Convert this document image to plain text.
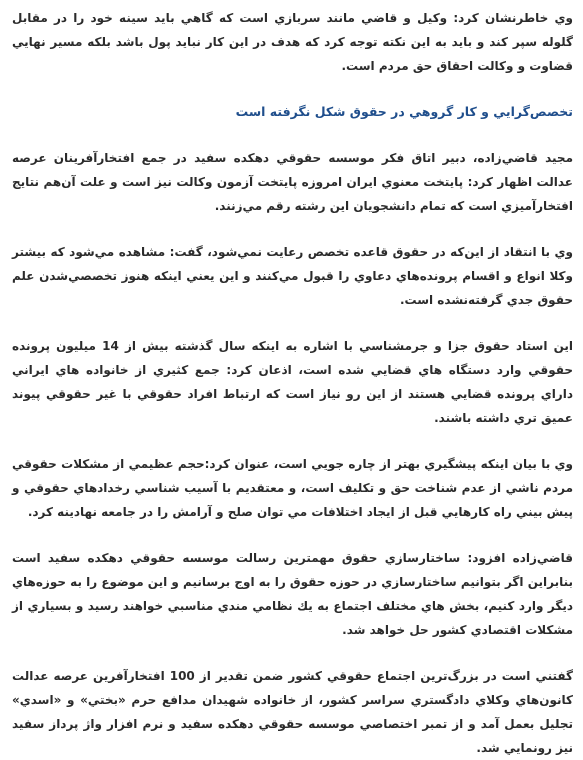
وي خاطرنشان كرد: وكيل و قاضي مانند سربازي است كه گاهي بايد سينه خود را در مقابل گلوله سپر كند و بايد به اين نكته توجه كرد كه هدف در اين كار نبايد پول باشد بلكه مسير نهايي قضاوت و وكالت احقاق حق مردم است.

تخصص‌گرايي و كار گروهي در حقوق شكل نگرفته است

مجيد قاضي‌زاده، دبير اتاق فكر موسسه حقوقي دهكده سفيد در جمع افتخارآفرينان عرصه عدالت اظهار كرد: پايتخت معنوي ايران امروزه پايتخت آزمون وكالت نيز است و علت آن‌هم نتايج افتخارآميزي است كه تمام دانشجويان اين رشته رقم مي‌زنند.

وي با انتقاد از اين‌كه در حقوق قاعده تخصص رعايت نمي‌شود، گفت: مشاهده مي‌شود كه بيشتر وكلا انواع و اقسام پرونده‌هاي دعاوي را قبول مي‌كنند و اين يعني اينكه هنوز تخصصي‌شدن علم حقوق جدي گرفته‌نشده است.

اين استاد حقوق جزا و جرمشناسي با اشاره به اينكه سال گذشته بيش از 14 ميليون پرونده حقوقي وارد دستگاه هاي قضايي شده است، اذعان كرد: جمع كثيري از خانواده هاي ايراني داراي پرونده قضايي هستند از اين رو نياز است كه ارتباط افراد حقوقي با غير حقوقي پيوند عميق تري داشته باشند.

وي با بيان اينكه پيشگيري بهتر از چاره جويي است، عنوان كرد:حجم عظيمي از مشكلات حقوقي مردم ناشي از عدم شناخت حق و تكليف است، و معتقديم با آسيب شناسي رخدادهاي حقوقي و پيش بيني راه كارهايي قبل از ايجاد اختلافات مي توان صلح و آرامش را در جامعه نهادينه كرد.

قاضي‌زاده افزود: ساختارسازي حقوق مهمترين رسالت موسسه حقوقي دهكده سفيد است بنابراين اگر بتوانيم ساختارسازي در حوزه حقوق را به اوج برسانيم و اين موضوع را به حوزه‌هاي ديگر وارد كنيم، بخش هاي مختلف اجتماع به يك نظامي مندي مناسبي خواهند رسيد و بسياري از مشكلات اقتصادي كشور حل خواهد شد.

گفتني است در بزرگ‌ترين اجتماع حقوقي كشور ضمن تقدير از 100 افتخارآفرين عرصه عدالت كانون‌هاي وكلاي دادگستري سراسر كشور، از خانواده شهيدان مدافع حرم «بختي» و «اسدي» تجليل بعمل آمد و از تمبر اختصاصي موسسه حقوقي دهكده سفيد و نرم افزار واژ پرداز سفيد نيز رونمايي شد.
